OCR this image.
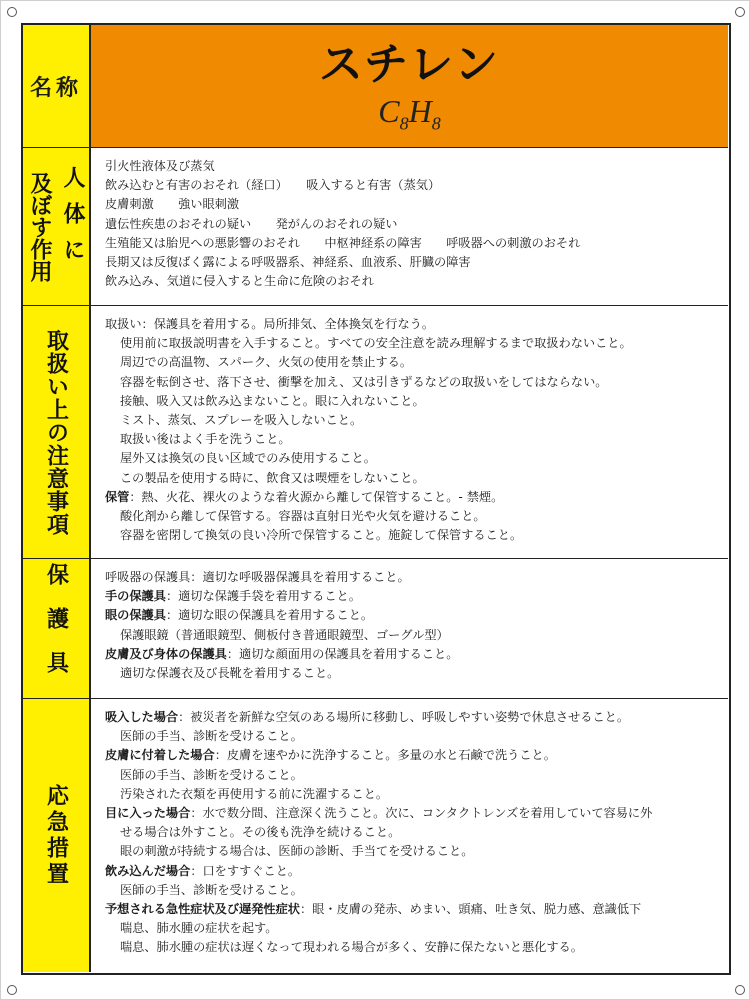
名称	スチレン
$C_8H_8$
人体に
及ぼす作用
引火性液体及び蒸気
飲み込むと有害のおそれ（経口）　　吸入すると有害（蒸気）
皮膚刺激　　強い眼刺激
遺伝性疾患のおそれの疑い　　発がんのおそれの疑い
生殖能又は胎児への悪影響のおそれ　　中枢神経系の障害　　呼吸器への刺激のおそれ
長期又は反復ばく露による呼吸器系、神経系、血液系、肝臓の障害
飲み込み、気道に侵入すると生命に危険のおそれ
取扱い上の注意事項
取扱い：保護具を着用する。局所排気、全体換気を行なう。
使用前に取扱説明書を入手すること。すべての安全注意を読み理解するまで取扱わないこと。
周辺での高温物、スパーク、火気の使用を禁止する。
容器を転倒させ、落下させ、衝撃を加え、又は引きずるなどの取扱いをしてはならない。
接触、吸入又は飲み込まないこと。眼に入れないこと。
ミスト、蒸気、スプレーを吸入しないこと。
取扱い後はよく手を洗うこと。
屋外又は換気の良い区域でのみ使用すること。
この製品を使用する時に、飲食又は喫煙をしないこと。
保管：熱、火花、裸火のような着火源から離して保管すること。- 禁煙。
酸化剤から離して保管する。容器は直射日光や火気を避けること。
容器を密閉して換気の良い冷所で保管すること。施錠して保管すること。
保護具	呼吸器の保護具：適切な呼吸器保護具を着用すること。
手の保護具：適切な保護手袋を着用すること。
眼の保護具：適切な眼の保護具を着用すること。
保護眼鏡（普通眼鏡型、側板付き普通眼鏡型、ゴーグル型）
皮膚及び身体の保護具：適切な顔面用の保護具を着用すること。
適切な保護衣及び長靴を着用すること。
応急措置
吸入した場合：被災者を新鮮な空気のある場所に移動し、呼吸しやすい姿勢で休息させること。
医師の手当、診断を受けること。
皮膚に付着した場合：皮膚を速やかに洗浄すること。多量の水と石鹸で洗うこと。
医師の手当、診断を受けること。
汚染された衣類を再使用する前に洗濯すること。
目に入った場合：水で数分間、注意深く洗うこと。次に、コンタクトレンズを着用していて容易に外
せる場合は外すこと。その後も洗浄を続けること。
眼の刺激が持続する場合は、医師の診断、手当てを受けること。
飲み込んだ場合：口をすすぐこと。
医師の手当、診断を受けること。
予想される急性症状及び遅発性症状：眼・皮膚の発赤、めまい、頭痛、吐き気、脱力感、意識低下
喘息、肺水腫の症状を起す。
喘息、肺水腫の症状は遅くなって現われる場合が多く、安静に保たないと悪化する。
